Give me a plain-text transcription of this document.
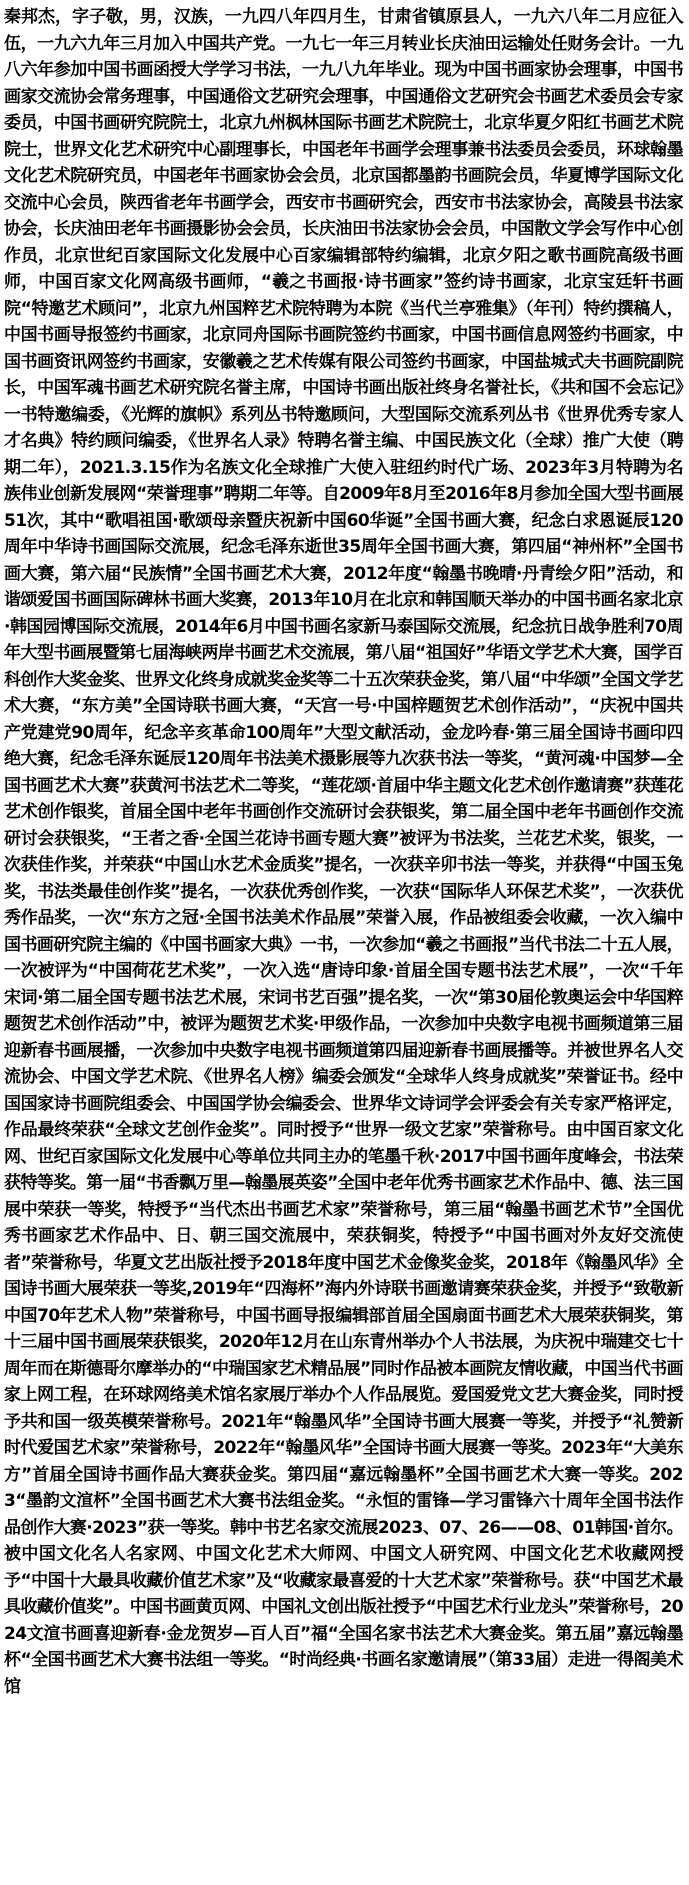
秦邦杰，字子敬，男，汉族，一九四八年四月生，甘肃省镇原县人，一九六八年二月应征入伍，一九六九年三月加入中国共产党。一九七一年三月转业长庆油田运输处任财务会计。一九八六年参加中国书画函授大学学习书法，一九八九年毕业。现为中国书画家协会理事，中国书画家交流协会常务理事，中国通俗文艺研究会理事，中国通俗文艺研究会书画艺术委员会专家委员，中国书画研究院院士，北京九州枫林国际书画艺术院院士，北京华夏夕阳红书画艺术院院士，世界文化艺术研究中心副理事长，中国老年书画学会理事兼书法委员会委员，环球翰墨文化艺术院研究员，中国老年书画家协会会员，北京国都墨韵书画院会员，华夏博学国际文化交流中心会员，陕西省老年书画学会，西安市书画研究会，西安市书法家协会，高陵县书法家协会，长庆油田老年书画摄影协会会员，长庆油田书法家协会会员，中国散文学会写作中心创作员，北京世纪百家国际文化发展中心百家编辑部特约编辑，北京夕阳之歌书画院高级书画师，中国百家文化网高级书画师，“羲之书画报·诗书画家”签约诗书画家，北京宝廷轩书画院“特邀艺术顾问”，北京九州国粹艺术院特聘为本院《当代兰亭雅集》（年刊）特约撰稿人，中国书画导报签约书画家，北京同舟国际书画院签约书画家，中国书画信息网签约书画家，中国书画资讯网签约书画家，安徽羲之艺术传媒有限公司签约书画家，中国盐城式夫书画院副院长，中国军魂书画艺术研究院名誉主席，中国诗书画出版社终身名誉社长，《共和国不会忘记》一书特邀编委，《光辉的旗帜》系列丛书特邀顾问，大型国际交流系列丛书《世界优秀专家人才名典》特约顾问编委，《世界名人录》特聘名誉主编、中国民族文化（全球）推广大使（聘期二年），2021.3.15作为名族文化全球推广大使入驻纽约时代广场、2023年3月特聘为名族伟业创新发展网“荣誉理事”聘期二年等。自2009年8月至2016年8月参加全国大型书画展51次，其中“歌唱祖国·歌颂母亲暨庆祝新中国60华诞”全国书画大赛，纪念白求恩诞辰120周年中华诗书画国际交流展，纪念毛泽东逝世35周年全国书画大赛，第四届“神州杯”全国书画大赛，第六届“民族情”全国书画艺术大赛，2012年度“翰墨书晚晴·丹青绘夕阳”活动，和谐颂爱国书画国际碑林书画大奖赛，2013年10月在北京和韩国顺天举办的中国书画名家北京·韩国园博国际交流展，2014年6月中国书画名家新马泰国际交流展，纪念抗日战争胜利70周年大型书画展暨第七届海峡两岸书画艺术交流展，第八届“祖国好”华语文学艺术大赛，国学百科创作大奖金奖、世界文化终身成就奖金奖等二十五次荣获金奖，第八届“中华颂”全国文学艺术大赛，“东方美”全国诗联书画大赛，“天宫一号·中国梓题贺艺术创作活动”，“庆祝中国共产党建党90周年，纪念辛亥革命100周年”大型文献活动，金龙吟春·第三届全国诗书画印四绝大赛，纪念毛泽东诞辰120周年书法美术摄影展等九次获书法一等奖，“黄河魂·中国梦—全国书画艺术大赛”获黄河书法艺术二等奖，“莲花颂·首届中华主题文化艺术创作邀请赛”获莲花艺术创作银奖，首届全国中老年书画创作交流研讨会获银奖，第二届全国中老年书画创作交流研讨会获银奖，“王者之香·全国兰花诗书画专题大赛”被评为书法奖，兰花艺术奖，银奖，一次获佳作奖，并荣获“中国山水艺术金质奖”提名，一次获辛卯书法一等奖，并获得“中国玉兔奖，书法类最佳创作奖”提名，一次获优秀创作奖，一次获“国际华人环保艺术奖”，一次获优秀作品奖，一次“东方之冠·全国书法美术作品展”荣誉入展，作品被组委会收藏，一次入编中国书画研究院主编的《中国书画家大典》一书，一次参加“羲之书画报”当代书法二十五人展，一次被评为“中国荷花艺术奖”，一次入选“唐诗印象·首届全国专题书法艺术展”，一次“千年宋词·第二届全国专题书法艺术展，宋词书艺百强”提名奖，一次“第30届伦敦奥运会中华国粹题贺艺术创作活动”中，被评为题贺艺术奖·甲级作品，一次参加中央数字电视书画频道第三届迎新春书画展播，一次参加中央数字电视书画频道第四届迎新春书画展播等。并被世界名人交流协会、中国文学艺术院、《世界名人榜》编委会颁发“全球华人终身成就奖”荣誉证书。经中国国家诗书画院组委会、中国国学协会编委会、世界华文诗词学会评委会有关专家严格评定，作品最终荣获“全球文艺创作金奖”。同时授予“世界一级文艺家”荣誉称号。由中国百家文化网、世纪百家国际文化发展中心等单位共同主办的笔墨千秋·2017中国书画年度峰会，书法荣获特等奖。第一届“书香飘万里—翰墨展英姿”全国中老年优秀书画家艺术作品中、德、法三国展中荣获一等奖，特授予“当代杰出书画艺术家”荣誉称号，第三届“翰墨书画艺术节”全国优秀书画家艺术作品中、日、朝三国交流展中，荣获铜奖，特授予“中国书画对外友好交流使者”荣誉称号，华夏文艺出版社授予2018年度中国艺术金像奖金奖，2018年《翰墨风华》全国诗书画大展荣获一等奖,2019年“四海杯”海内外诗联书画邀请赛荣获金奖，并授予“致敬新中国70年艺术人物”荣誉称号，中国书画导报编辑部首届全国扇面书画艺术大展荣获铜奖，第十三届中国书画展荣获银奖，2020年12月在山东青州举办个人书法展，为庆祝中瑞建交七十周年而在斯德哥尔摩举办的“中瑞国家艺术精品展”同时作品被本画院友情收藏，中国当代书画家上网工程，在环球网络美术馆名家展厅举办个人作品展览。爱国爱党文艺大赛金奖，同时授予共和国一级英模荣誉称号。2021年“翰墨风华”全国诗书画大展赛一等奖，并授予“礼赞新时代爱国艺术家”荣誉称号，2022年“翰墨风华”全国诗书画大展赛一等奖。2023年“大美东方”首届全国诗书画作品大赛获金奖。第四届“嘉远翰墨杯”全国书画艺术大赛一等奖。2023“墨韵文渲杯”全国书画艺术大赛书法组金奖。“永恒的雷锋—学习雷锋六十周年全国书法作品创作大赛·2023”获一等奖。韩中书艺名家交流展2023、07、26——08、01韩国·首尔。被中国文化名人名家网、中国文化艺术大师网、中国文人研究网、中国文化艺术收藏网授予“中国十大最具收藏价值艺术家”及“收藏家最喜爱的十大艺术家”荣誉称号。获“中国艺术最具收藏价值奖”。中国书画黄页网、中国礼文创出版社授予“中国艺术行业龙头”荣誉称号，2024文渲书画喜迎新春·金龙贺岁—百人百”福“全国名家书法艺术大赛金奖。第五届”嘉远翰墨杯“全国书画艺术大赛书法组一等奖。“时尚经典·书画名家邀请展”（第33届）走进一得阁美术馆
